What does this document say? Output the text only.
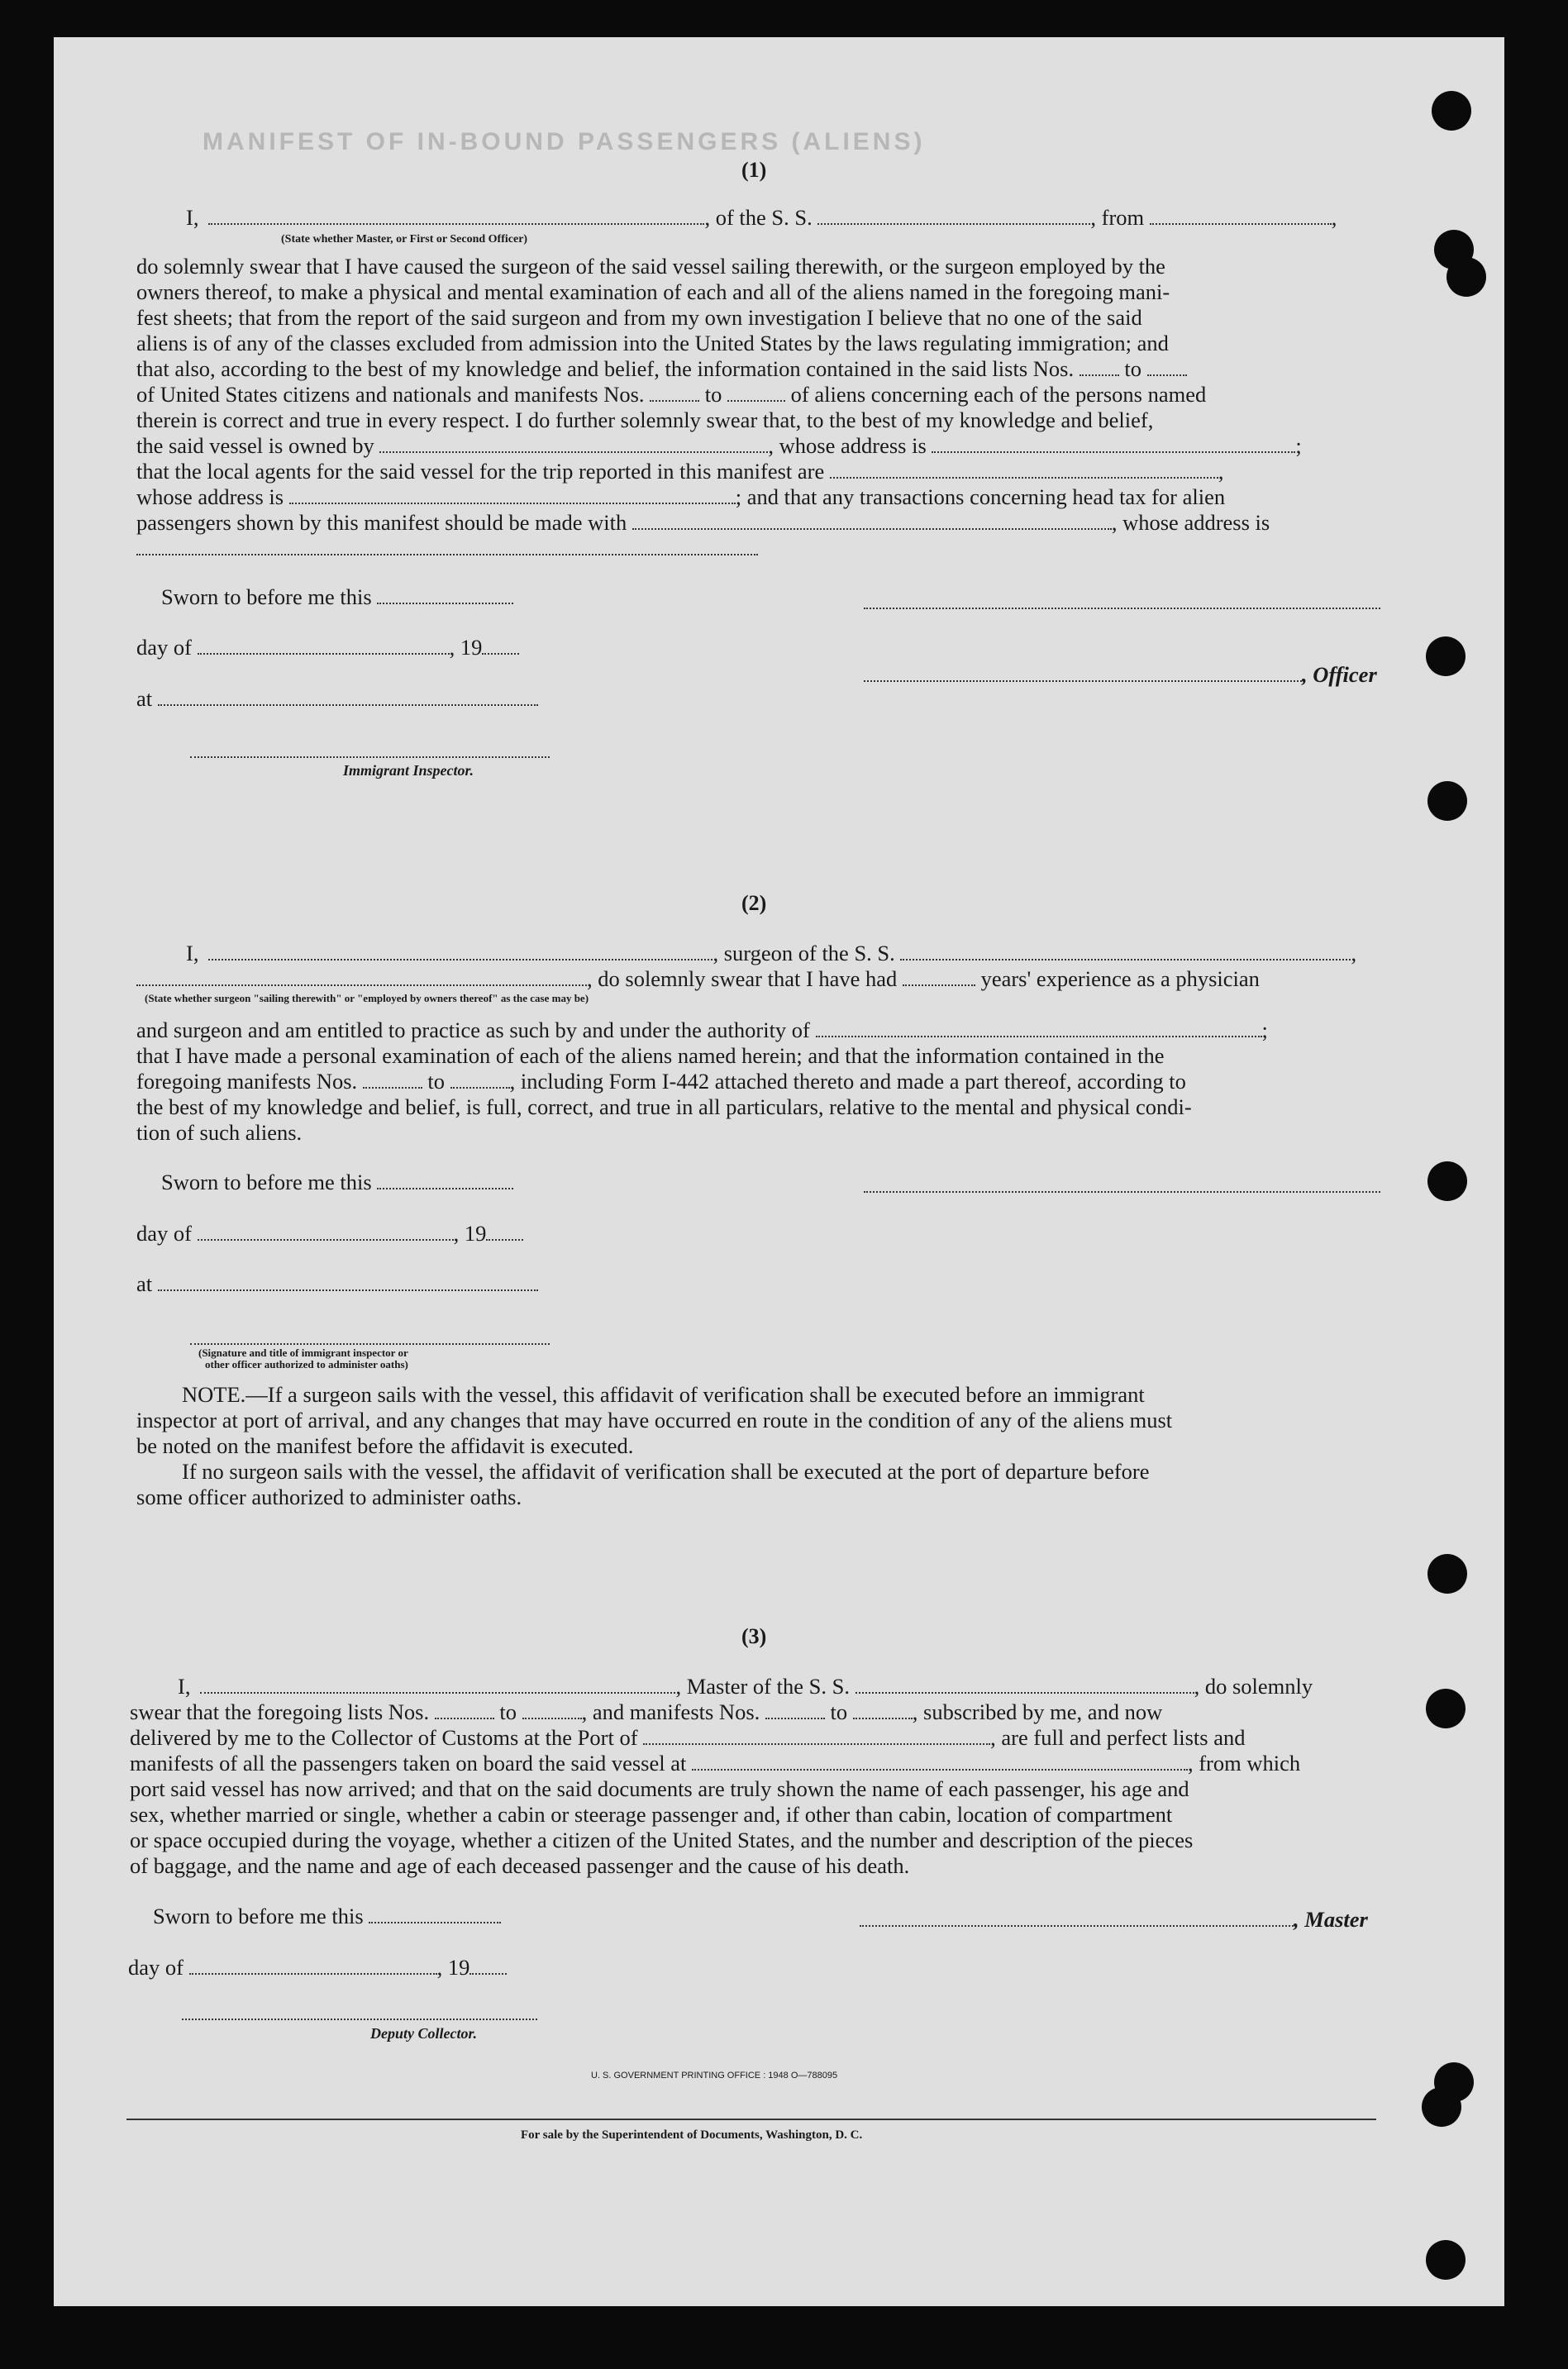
MANIFEST OF IN-BOUND PASSENGERS (ALIENS)
(1)
I,	, of the S. S.	, from	,
(State whether Master, or First or Second Officer)
do solemnly swear that I have caused the surgeon of the said vessel sailing therewith, or the surgeon employed by the
owners thereof, to make a physical and mental examination of each and all of the aliens named in the foregoing mani-
fest sheets; that from the report of the said surgeon and from my own investigation I believe that no one of the said
aliens is of any of the classes excluded from admission into the United States by the laws regulating immigration; and
that also, according to the best of my knowledge and belief, the information contained in the said lists Nos. to
of United States citizens and nationals and manifests Nos.	to	of aliens concerning each of the persons named
therein is correct and true in every respect. I do further solemnly swear that, to the best of my knowledge and belief,
the said vessel is owned by	, whose address is	;
that the local agents for the said vessel for the trip reported in this manifest are	,
whose address is	; and that any transactions concerning head tax for alien
passengers shown by this manifest should be made with	, whose address is
Sworn to before me this
day of	, 19
, Officer
at
Immigrant Inspector.
(2)
I,	, surgeon of the S. S.	,
, do solemnly swear that I have had	years' experience as a physician
(State whether surgeon "sailing therewith" or "employed by owners thereof" as the case may be)
and surgeon and am entitled to practice as such by and under the authority of	;
that I have made a personal examination of each of the aliens named herein; and that the information contained in the
foregoing manifests Nos.	to	, including Form I-442 attached thereto and made a part thereof, according to
the best of my knowledge and belief, is full, correct, and true in all particulars, relative to the mental and physical condi-
tion of such aliens.
Sworn to before me this
day of	, 19
at
(Signature and title of immigrant inspector or
other officer authorized to administer oaths)
NOTE.—If a surgeon sails with the vessel, this affidavit of verification shall be executed before an immigrant
inspector at port of arrival, and any changes that may have occurred en route in the condition of any of the aliens must
be noted on the manifest before the affidavit is executed.
If no surgeon sails with the vessel, the affidavit of verification shall be executed at the port of departure before
some officer authorized to administer oaths.
(3)
I,	, Master of the S. S.	, do solemnly
swear that the foregoing lists Nos.	to	, and manifests Nos.	to	, subscribed by me, and now
delivered by me to the Collector of Customs at the Port of	, are full and perfect lists and
manifests of all the passengers taken on board the said vessel at	, from which
port said vessel has now arrived; and that on the said documents are truly shown the name of each passenger, his age and
sex, whether married or single, whether a cabin or steerage passenger and, if other than cabin, location of compartment
or space occupied during the voyage, whether a citizen of the United States, and the number and description of the pieces
of baggage, and the name and age of each deceased passenger and the cause of his death.
Sworn to before me this	, Master
day of	, 19
Deputy Collector.
U. S. GOVERNMENT PRINTING OFFICE : 1948 O—788095
For sale by the Superintendent of Documents, Washington, D. C.
